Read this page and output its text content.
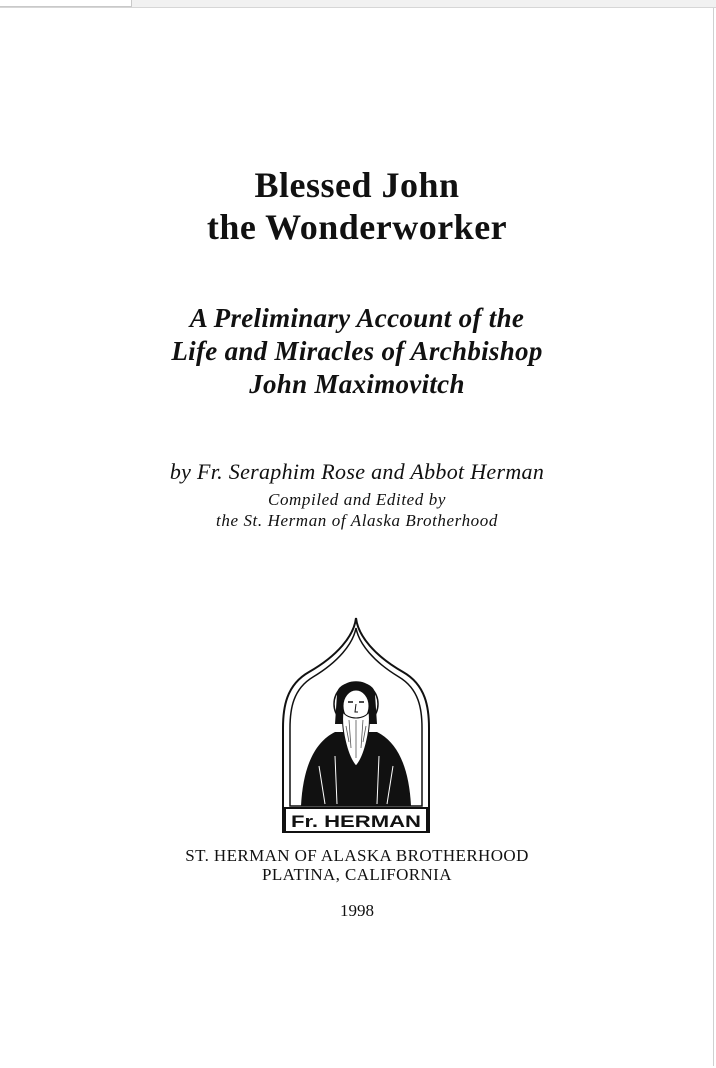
Blessed John
the Wonderworker
A Preliminary Account of the
Life and Miracles of Archbishop
John Maximovitch
by Fr. Seraphim Rose and Abbot Herman
Compiled and Edited by
the St. Herman of Alaska Brotherhood
Fr. HERMAN
ST. HERMAN OF ALASKA BROTHERHOOD
PLATINA, CALIFORNIA
1998
